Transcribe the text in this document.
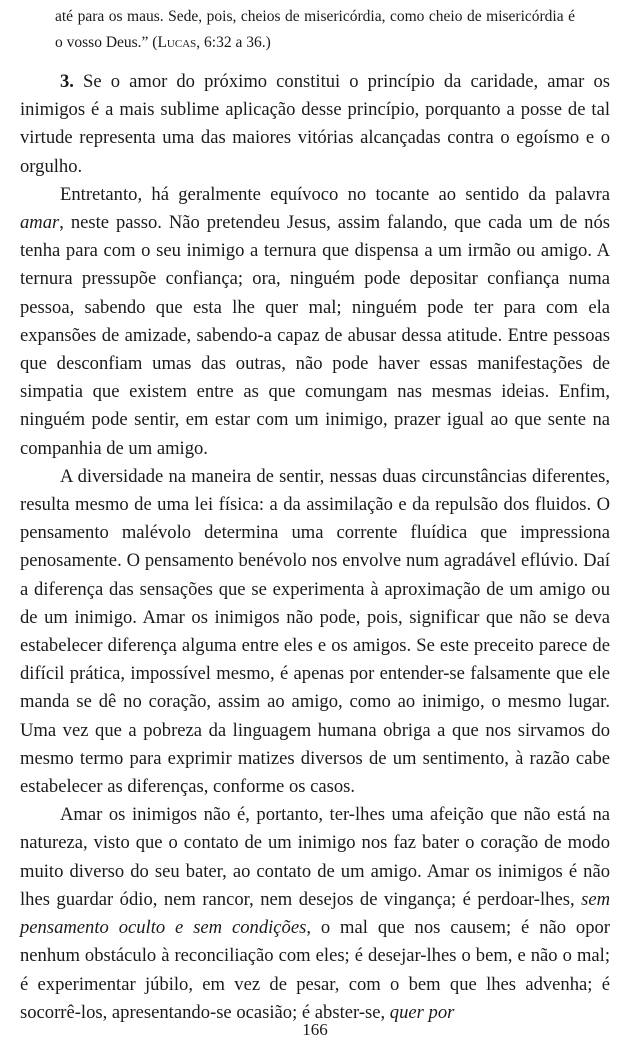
até para os maus. Sede, pois, cheios de misericórdia, como cheio de misericórdia é o vosso Deus.” (Lucas, 6:32 a 36.)

3. Se o amor do próximo constitui o princípio da caridade, amar os inimigos é a mais sublime aplicação desse princípio, porquanto a posse de tal virtude representa uma das maiores vitórias alcançadas contra o egoísmo e o orgulho.

Entretanto, há geralmente equívoco no tocante ao sentido da palavra amar, neste passo. Não pretendeu Jesus, assim falando, que cada um de nós tenha para com o seu inimigo a ternura que dispensa a um irmão ou amigo. A ternura pressupõe confiança; ora, ninguém pode depositar confiança numa pessoa, sabendo que esta lhe quer mal; ninguém pode ter para com ela expansões de amizade, sabendo-a capaz de abusar dessa atitude. Entre pessoas que desconfiam umas das outras, não pode haver essas manifestações de simpatia que existem entre as que comungam nas mesmas ideias. Enfim, ninguém pode sentir, em estar com um inimigo, prazer igual ao que sente na companhia de um amigo.

A diversidade na maneira de sentir, nessas duas circunstâncias diferentes, resulta mesmo de uma lei física: a da assimilação e da repulsão dos fluidos. O pensamento malévolo determina uma corrente fluídica que impressiona penosamente. O pensamento benévolo nos envolve num agradável eflúvio. Daí a diferença das sensações que se experimenta à aproximação de um amigo ou de um inimigo. Amar os inimigos não pode, pois, significar que não se deva estabelecer diferença alguma entre eles e os amigos. Se este preceito parece de difícil prática, impossível mesmo, é apenas por entender-se falsamente que ele manda se dê no coração, assim ao amigo, como ao inimigo, o mesmo lugar. Uma vez que a pobreza da linguagem humana obriga a que nos sirvamos do mesmo termo para exprimir matizes diversos de um sentimento, à razão cabe estabelecer as diferenças, conforme os casos.

Amar os inimigos não é, portanto, ter-lhes uma afeição que não está na natureza, visto que o contato de um inimigo nos faz bater o coração de modo muito diverso do seu bater, ao contato de um amigo. Amar os inimigos é não lhes guardar ódio, nem rancor, nem desejos de vingança; é perdoar-lhes, sem pensamento oculto e sem condições, o mal que nos causem; é não opor nenhum obstáculo à reconciliação com eles; é desejar-lhes o bem, e não o mal; é experimentar júbilo, em vez de pesar, com o bem que lhes advenha; é socorrê-los, apresentando-se ocasião; é abster-se, quer por

166
